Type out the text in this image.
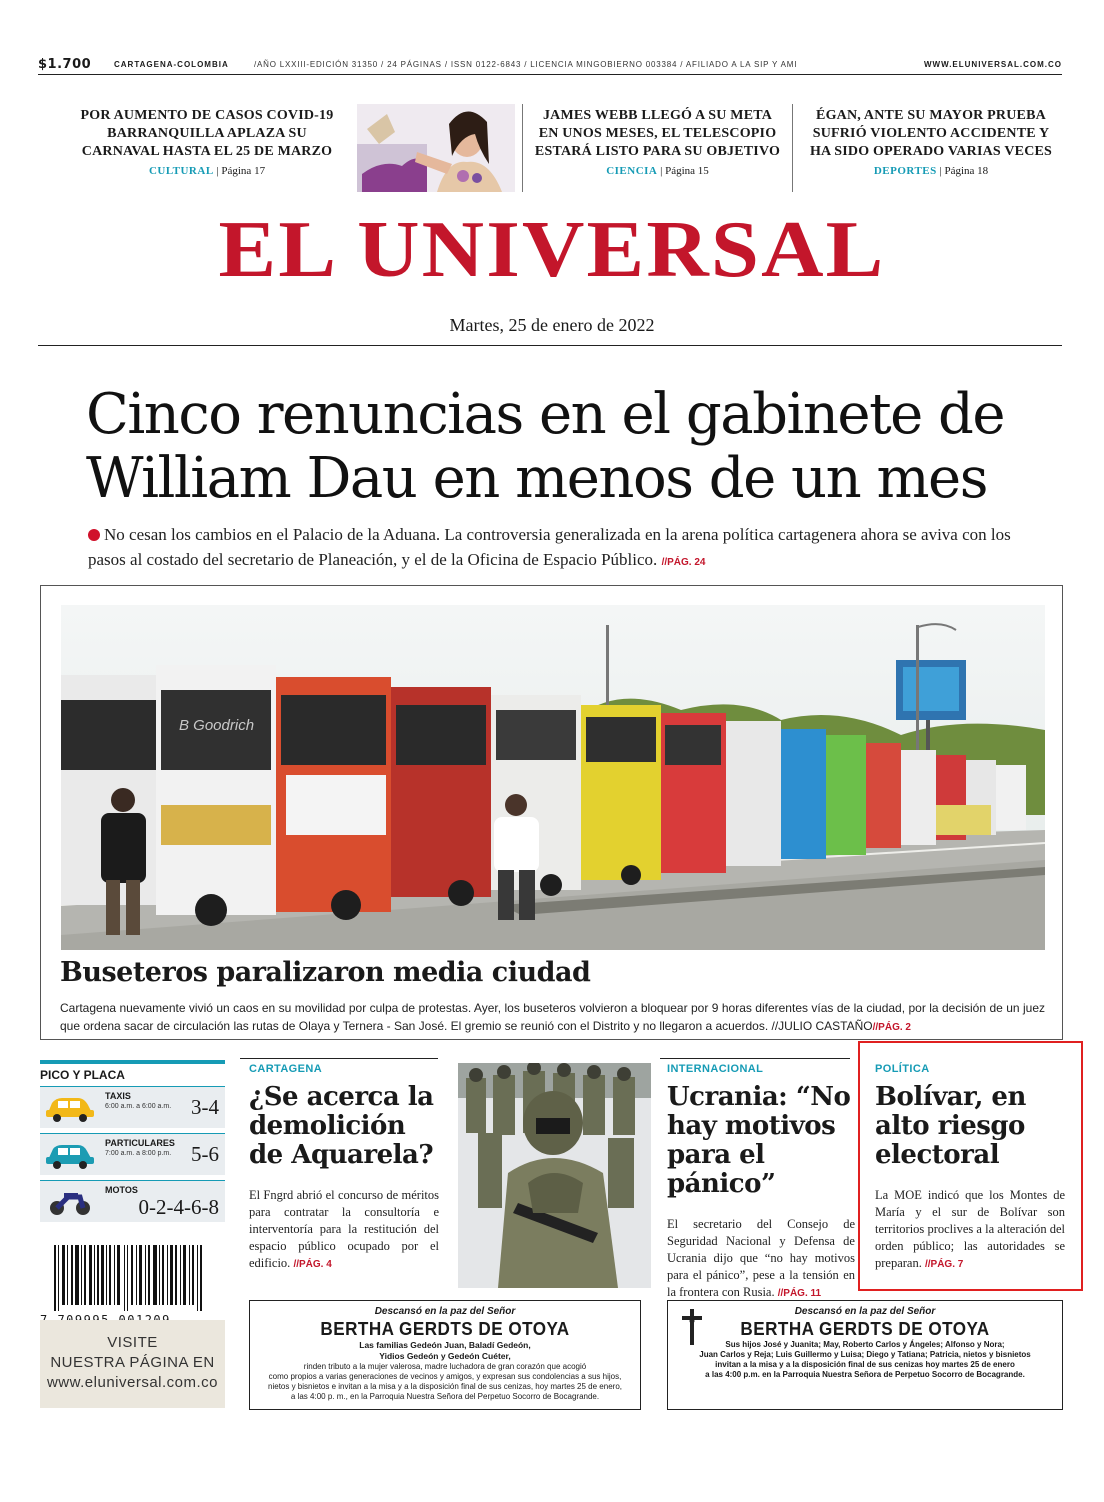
$1.700	CARTAGENA-COLOMBIA	/AÑO LXXIII-EDICIÓN 31350 / 24 PÁGINAS / ISSN 0122-6843 / LICENCIA MINGOBIERNO 003384 / AFILIADO A LA SIP Y AMI	WWW.ELUNIVERSAL.COM.CO
POR AUMENTO DE CASOS COVID-19
BARRANQUILLA APLAZA SU
CARNAVAL HASTA EL 25 DE MARZO
CULTURAL | Página 17
JAMES WEBB LLEGÓ A SU META
EN UNOS MESES, EL TELESCOPIO
ESTARÁ LISTO PARA SU OBJETIVO
CIENCIA | Página 15
ÉGAN, ANTE SU MAYOR PRUEBA
SUFRIÓ VIOLENTO ACCIDENTE Y
HA SIDO OPERADO VARIAS VECES
DEPORTES | Página 18
EL UNIVERSAL
Martes, 25 de enero de 2022
Cinco renuncias en el gabinete de
William Dau en menos de un mes
No cesan los cambios en el Palacio de la Aduana. La controversia generalizada en la arena política cartagenera ahora se aviva con los pasos al costado del secretario de Planeación, y el de la Oficina de Espacio Público. //PÁG. 24
B Goodrich
Buseteros paralizaron media ciudad
Cartagena nuevamente vivió un caos en su movilidad por culpa de protestas. Ayer, los buseteros volvieron a bloquear por 9 horas diferentes vías de la ciudad, por la decisión de un juez que ordena sacar de circulación las rutas de Olaya y Ternera - San José. El gremio se reunió con el Distrito y no llegaron a acuerdos. //JULIO CASTAÑO//PÁG. 2
PICO Y PLACA
TAXIS
6:00 a.m. a 6:00 a.m. 3-4
PARTICULARES
7:00 a.m. a 8:00 p.m. 5-6
MOTOS
0-2-4-6-8
VISITE
NUESTRA PÁGINA EN
www.eluniversal.com.co
CARTAGENA
¿Se acerca la
demolición
de Aquarela?
El Fngrd abrió el concurso de méritos para contratar la consultoría e interventoría para la restitución del espacio público ocupado por el edificio. //PÁG. 4
INTERNACIONAL
Ucrania: “No
hay motivos
para el pánico”
El secretario del Consejo de Seguridad Nacional y Defensa de Ucrania dijo que “no hay motivos para el pánico”, pese a la tensión en la frontera con Rusia. //PÁG. 11
POLÍTICA
Bolívar, en
alto riesgo
electoral
La MOE indicó que los Montes de María y el sur de Bolívar son territorios proclives a la alteración del orden público; las autoridades se preparan. //PÁG. 7
Descansó en la paz del Señor
BERTHA GERDTS DE OTOYA
Las familias Gedeón Juan, Baladí Gedeón,
Yidios Gedeón y Gedeón Cuéter,
rinden tributo a la mujer valerosa, madre luchadora de gran corazón que acogió
como propios a varias generaciones de vecinos y amigos, y expresan sus condolencias a sus hijos,
nietos y bisnietos e invitan a la misa y a la disposición final de sus cenizas, hoy martes 25 de enero,
a las 4:00 p. m., en la Parroquia Nuestra Señora del Perpetuo Socorro de Bocagrande.
Descansó en la paz del Señor
BERTHA GERDTS DE OTOYA
Sus hijos José y Juanita; May, Roberto Carlos y Ángeles; Alfonso y Nora;
Juan Carlos y Reja; Luis Guillermo y Luisa; Diego y Tatiana; Patricia, nietos y bisnietos
invitan a la misa y a la disposición final de sus cenizas hoy martes 25 de enero
a las 4:00 p.m. en la Parroquia Nuestra Señora de Perpetuo Socorro de Bocagrande.
